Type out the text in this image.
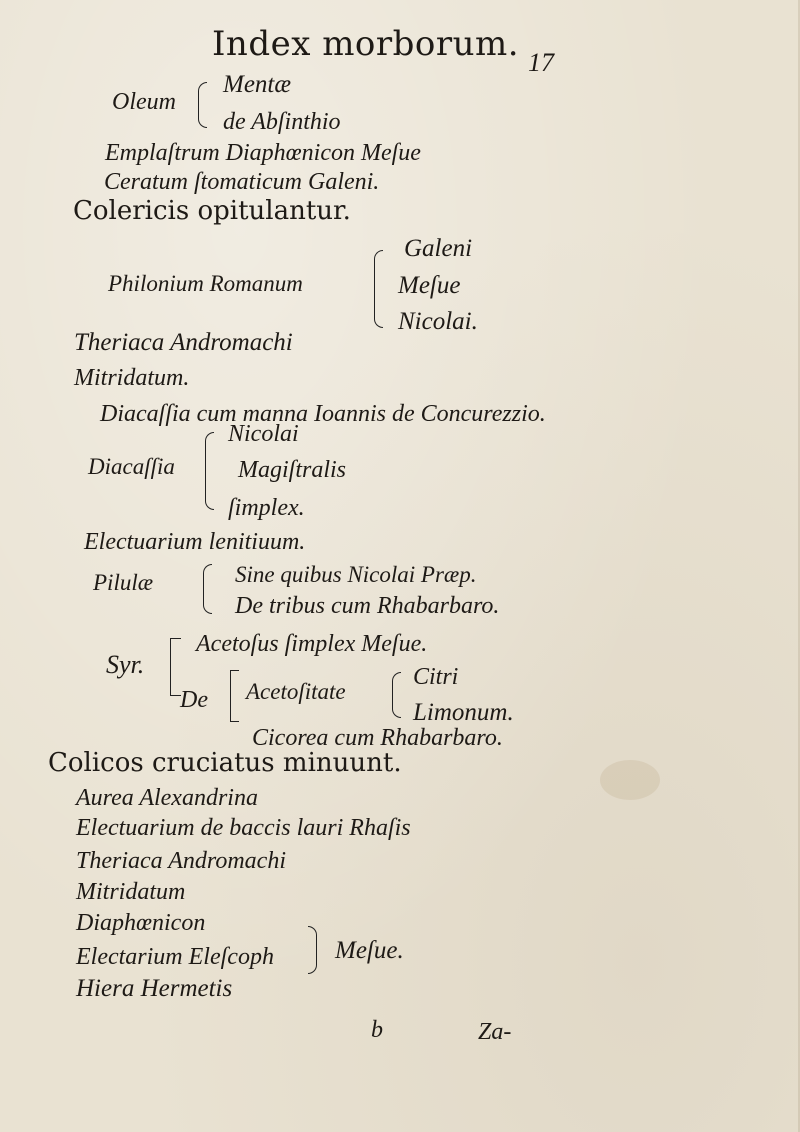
Index morborum. 17
Oleum
Mentæ
de Abſinthio
Emplaſtrum Diaphœnicon Meſue
Ceratum ſtomaticum Galeni.
Colericis opitulantur.
Philonium Romanum
Galeni
Meſue
Nicolai.
Theriaca Andromachi
Mitridatum.
Diacaſſia cum manna Ioannis de Concurezzio.
Diacaſſia
Nicolai
Magiſtralis
ſimplex.
Electuarium lenitiuum.
Pilulæ	Sine quibus Nicolai Præp.
De tribus cum Rhabarbaro.
Syr.
Acetoſus ſimplex Meſue.
De Acetoſitate
Citri
Limonum.
Cicorea cum Rhabarbaro.
Colicos cruciatus minuunt.
Aurea Alexandrina
Electuarium de baccis lauri Rhaſis
Theriaca Andromachi
Mitridatum
Diaphœnicon
Electarium Eleſcoph
Hiera Hermetis
Meſue.
b	Za-
